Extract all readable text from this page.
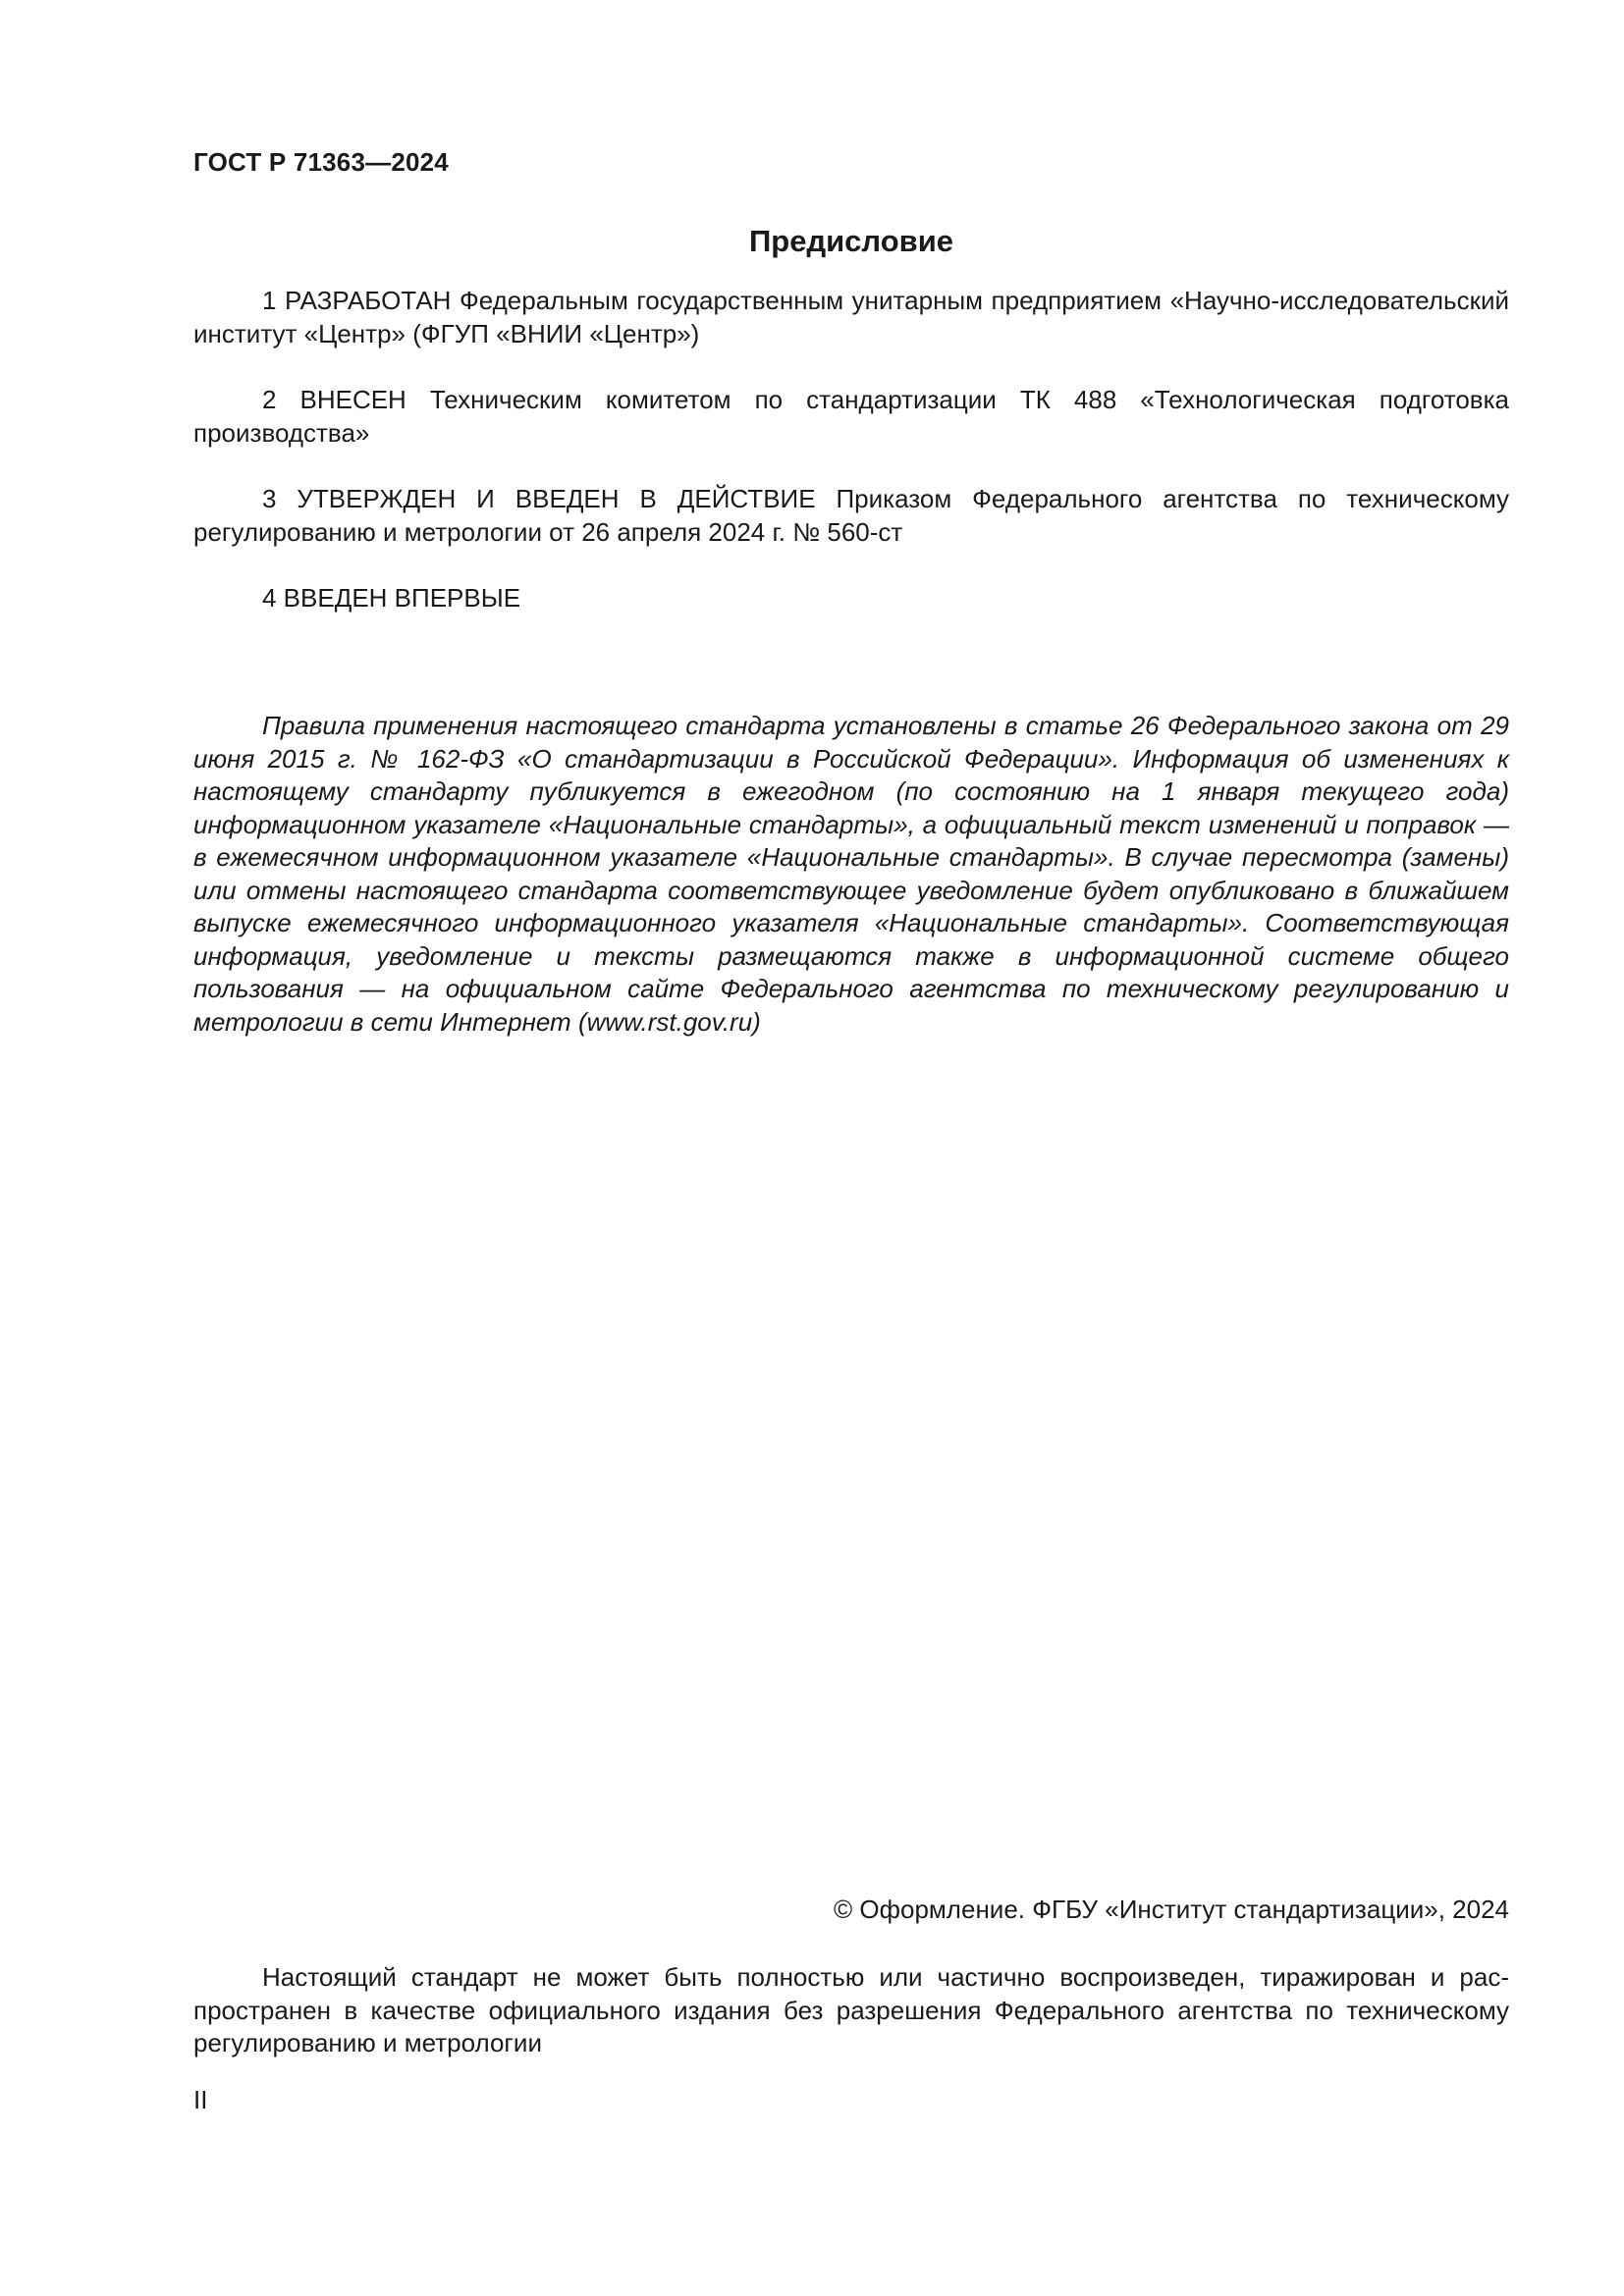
ГОСТ Р 71363—2024
Предисловие

1 РАЗРАБОТАН Федеральным государственным унитарным предприятием «Научно-исследовательский институт «Центр» (ФГУП «ВНИИ «Центр»)

2 ВНЕСЕН Техническим комитетом по стандартизации ТК 488 «Технологическая подготовка производства»

3 УТВЕРЖДЕН И ВВЕДЕН В ДЕЙСТВИЕ Приказом Федерального агентства по техническому регулированию и метрологии от 26 апреля 2024 г. № 560-ст

4 ВВЕДЕН ВПЕРВЫЕ

Правила применения настоящего стандарта установлены в статье 26 Федерального закона от 29 июня 2015 г. № 162-ФЗ «О стандартизации в Российской Федерации». Информация об изменениях к настоящему стандарту публикуется в ежегодном (по состоянию на 1 января текущего года) информационном указателе «Национальные стандарты», а официальный текст изменений и поправок — в ежемесячном информационном указателе «Национальные стандарты». В случае пересмотра (замены) или отмены настоящего стандарта соответствующее уведомление будет опубликовано в ближайшем выпуске ежемесячного информационного указателя «Национальные стандарты». Соответствующая информация, уведомление и тексты размещаются также в информационной системе общего пользования — на официальном сайте Федерального агентства по техническому регулированию и метрологии в сети Интернет (www.rst.gov.ru)

© Оформление. ФГБУ «Институт стандартизации», 2024

Настоящий стандарт не может быть полностью или частично воспроизведен, тиражирован и распространен в качестве официального издания без разрешения Федерального агентства по техническому регулированию и метрологии

II
